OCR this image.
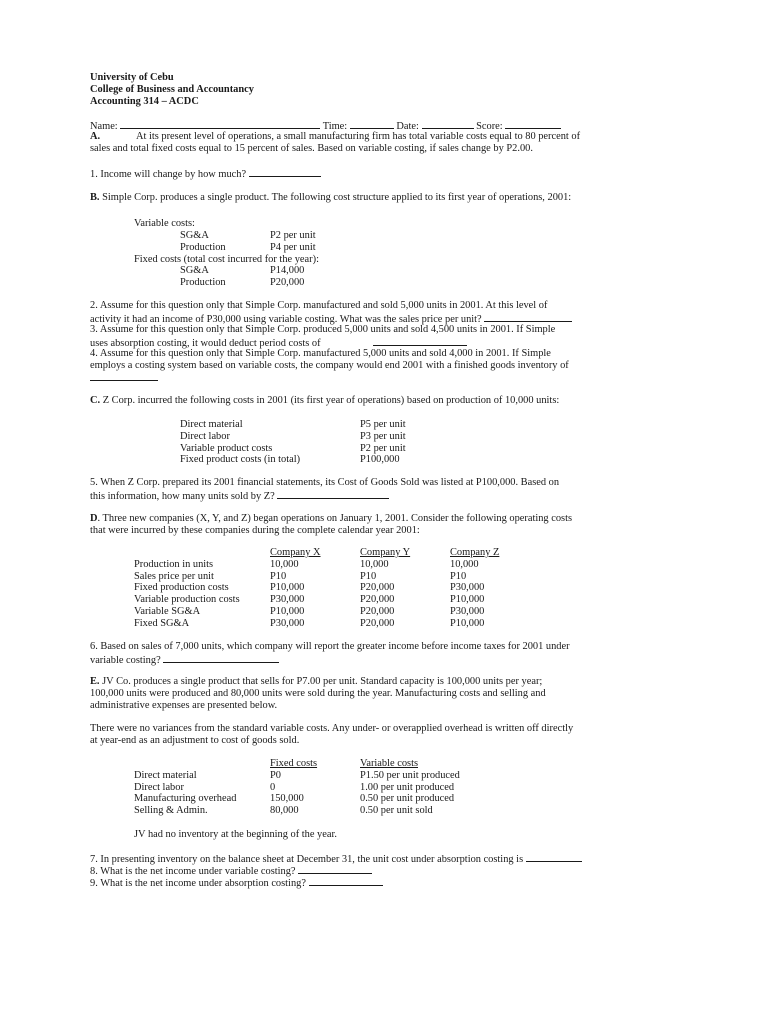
University of Cebu
College of Business and Accountancy
Accounting 314 – ACDC
Name:	Time:	Date:	Score:
A.	At its present level of operations, a small manufacturing firm has total variable costs equal to 80 percent of
sales and total fixed costs equal to 15 percent of sales. Based on variable costing, if sales change by P2.00.
1. Income will change by how much?
B. Simple Corp. produces a single product. The following cost structure applied to its first year of operations, 2001:
Variable costs:
SG&A	P2 per unit
Production	P4 per unit
Fixed costs (total cost incurred for the year):
SG&A	P14,000
Production	P20,000
2. Assume for this question only that Simple Corp. manufactured and sold 5,000 units in 2001. At this level of
activity it had an income of P30,000 using variable costing. What was the sales price per unit?
3. Assume for this question only that Simple Corp. produced 5,000 units and sold 4,500 units in 2001. If Simple
uses absorption costing, it would deduct period costs of
4. Assume for this question only that Simple Corp. manufactured 5,000 units and sold 4,000 in 2001. If Simple
employs a costing system based on variable costs, the company would end 2001 with a finished goods inventory of
C. Z Corp. incurred the following costs in 2001 (its first year of operations) based on production of 10,000 units:
Direct material	P5 per unit
Direct labor	P3 per unit
Variable product costs	P2 per unit
Fixed product costs (in total)	P100,000
5. When Z Corp. prepared its 2001 financial statements, its Cost of Goods Sold was listed at P100,000. Based on
this information, how many units sold by Z?
D. Three new companies (X, Y, and Z) began operations on January 1, 2001. Consider the following operating costs
that were incurred by these companies during the complete calendar year 2001:
Company X	Company Y	Company Z
Production in units	10,000	10,000	10,000
Sales price per unit	P10	P10	P10
Fixed production costs	P10,000	P20,000	P30,000
Variable production costs	P30,000	P20,000	P10,000
Variable SG&A	P10,000	P20,000	P30,000
Fixed SG&A	P30,000	P20,000	P10,000
6. Based on sales of 7,000 units, which company will report the greater income before income taxes for 2001 under
variable costing?
E. JV Co. produces a single product that sells for P7.00 per unit. Standard capacity is 100,000 units per year;
100,000 units were produced and 80,000 units were sold during the year. Manufacturing costs and selling and
administrative expenses are presented below.
There were no variances from the standard variable costs. Any under- or overapplied overhead is written off directly
at year-end as an adjustment to cost of goods sold.
Fixed costs	Variable costs
Direct material	P0	P1.50 per unit produced
Direct labor	0	1.00 per unit produced
Manufacturing overhead	150,000	0.50 per unit produced
Selling & Admin.	80,000	0.50 per unit sold
JV had no inventory at the beginning of the year.
7. In presenting inventory on the balance sheet at December 31, the unit cost under absorption costing is
8. What is the net income under variable costing?
9. What is the net income under absorption costing?
